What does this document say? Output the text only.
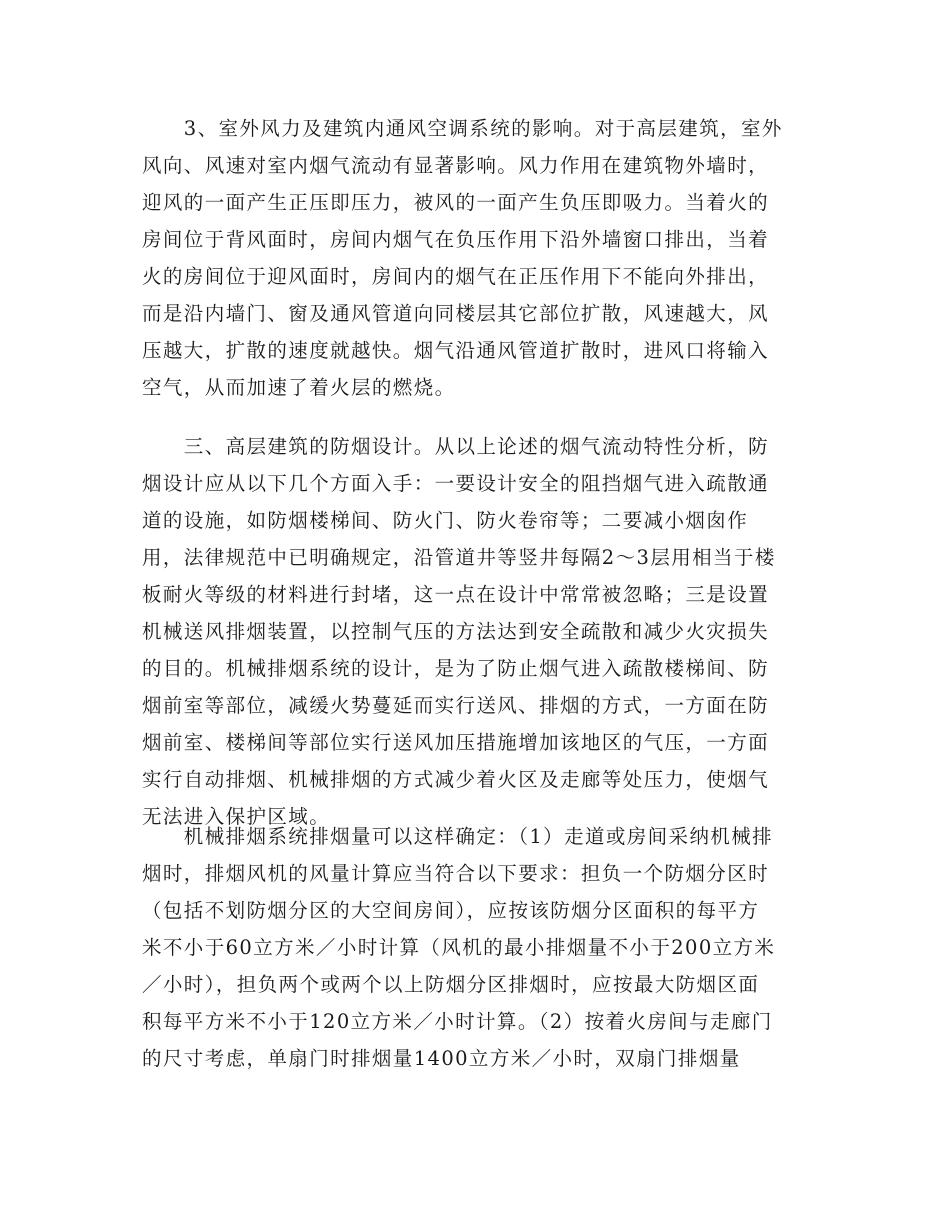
　　3、室外风力及建筑内通风空调系统的影响。对于高层建筑，室外
风向、风速对室内烟气流动有显著影响。风力作用在建筑物外墙时，
迎风的一面产生正压即压力，被风的一面产生负压即吸力。当着火的
房间位于背风面时，房间内烟气在负压作用下沿外墙窗口排出，当着
火的房间位于迎风面时，房间内的烟气在正压作用下不能向外排出，
而是沿内墙门、窗及通风管道向同楼层其它部位扩散，风速越大，风
压越大，扩散的速度就越快。烟气沿通风管道扩散时，进风口将输入
空气，从而加速了着火层的燃烧。
　　三、高层建筑的防烟设计。从以上论述的烟气流动特性分析，防
烟设计应从以下几个方面入手：一要设计安全的阻挡烟气进入疏散通
道的设施，如防烟楼梯间、防火门、防火卷帘等；二要减小烟囱作
用，法律规范中已明确规定，沿管道井等竖井每隔2～3层用相当于楼
板耐火等级的材料进行封堵，这一点在设计中常常被忽略；三是设置
机械送风排烟装置，以控制气压的方法达到安全疏散和减少火灾损失
的目的。机械排烟系统的设计，是为了防止烟气进入疏散楼梯间、防
烟前室等部位，减缓火势蔓延而实行送风、排烟的方式，一方面在防
烟前室、楼梯间等部位实行送风加压措施增加该地区的气压，一方面
实行自动排烟、机械排烟的方式减少着火区及走廊等处压力，使烟气
无法进入保护区域。
　　机械排烟系统排烟量可以这样确定：（1）走道或房间采纳机械排
烟时，排烟风机的风量计算应当符合以下要求：担负一个防烟分区时
（包括不划防烟分区的大空间房间），应按该防烟分区面积的每平方
米不小于60立方米／小时计算（风机的最小排烟量不小于200立方米
／小时），担负两个或两个以上防烟分区排烟时，应按最大防烟区面
积每平方米不小于120立方米／小时计算。（2）按着火房间与走廊门
的尺寸考虑，单扇门时排烟量1400立方米／小时，双扇门排烟量
